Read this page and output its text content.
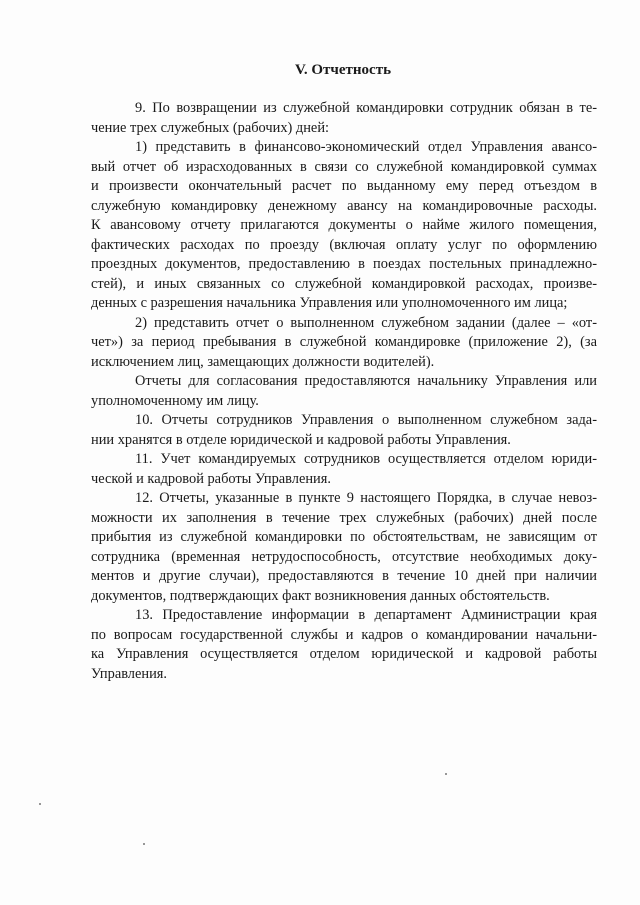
V. Отчетность

9. По возвращении из служебной командировки сотрудник обязан в те-
чение трех служебных (рабочих) дней:

1) представить в финансово-экономический отдел Управления авансо-
вый отчет об израсходованных в связи со служебной командировкой суммах
и произвести окончательный расчет по выданному ему перед отъездом в
служебную командировку денежному авансу на командировочные расходы.
К авансовому отчету прилагаются документы о найме жилого помещения,
фактических расходах по проезду (включая оплату услуг по оформлению
проездных документов, предоставлению в поездах постельных принадлежно-
стей), и иных связанных со служебной командировкой расходах, произве-
денных с разрешения начальника Управления или уполномоченного им лица;

2) представить отчет о выполненном служебном задании (далее – «от-
чет») за период пребывания в служебной командировке (приложение 2), (за
исключением лиц, замещающих должности водителей).

Отчеты для согласования предоставляются начальнику Управления или
уполномоченному им лицу.

10. Отчеты сотрудников Управления о выполненном служебном зада-
нии хранятся в отделе юридической и кадровой работы Управления.

11. Учет командируемых сотрудников осуществляется отделом юриди-
ческой и кадровой работы Управления.

12. Отчеты, указанные в пункте 9 настоящего Порядка, в случае невоз-
можности их заполнения в течение трех служебных (рабочих) дней после
прибытия из служебной командировки по обстоятельствам, не зависящим от
сотрудника (временная нетрудоспособность, отсутствие необходимых доку-
ментов и другие случаи), предоставляются в течение 10 дней при наличии
документов, подтверждающих факт возникновения данных обстоятельств.

13. Предоставление информации в департамент Администрации края
по вопросам государственной службы и кадров о командировании начальни-
ка Управления осуществляется отделом юридической и кадровой работы
Управления.
